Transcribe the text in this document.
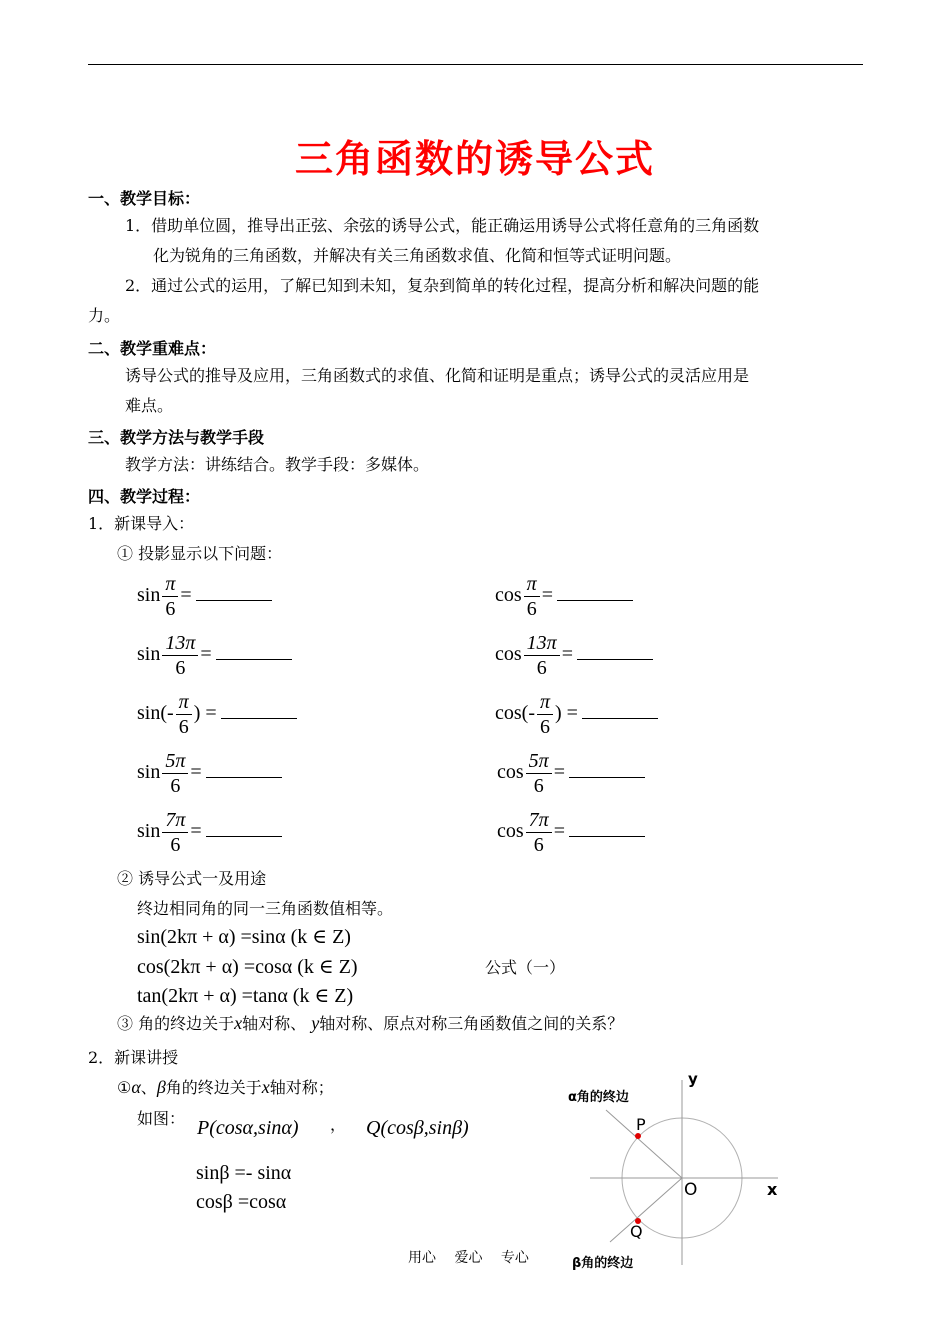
三角函数的诱导公式
一、教学目标：
1．借助单位圆，推导出正弦、余弦的诱导公式，能正确运用诱导公式将任意角的三角函数
化为锐角的三角函数，并解决有关三角函数求值、化简和恒等式证明问题。
2．通过公式的运用，了解已知到未知，复杂到简单的转化过程，提高分析和解决问题的能
力。
二、教学重难点：
诱导公式的推导及应用，三角函数式的求值、化简和证明是重点；诱导公式的灵活应用是
难点。
三、教学方法与教学手段
教学方法：讲练结合。教学手段：多媒体。
四、教学过程：
1．新课导入：
① 投影显示以下问题：
$\sin \frac{\pi}{6}$ =	$\cos \frac{\pi}{6}$ =
$\sin \frac{13\pi}{6}$ =	$\cos \frac{13\pi}{6}$ =
$\sin(- \frac{\pi}{6}$ ) =	$\cos(- \frac{\pi}{6}$ ) =
$\sin \frac{5\pi}{6}$ =	$\cos \frac{5\pi}{6}$ =
$\sin \frac{7\pi}{6}$ =	$\cos \frac{7\pi}{6}$ =
② 诱导公式一及用途
终边相同角的同一三角函数值相等。
sin(2kπ + α) =sinα (k ∈ Z)
cos(2kπ + α) =cosα (k ∈ Z)	公式（一）
tan(2kπ + α) =tanα (k ∈ Z)
③ 角的终边关于x轴对称、 y轴对称、原点对称三角函数值之间的关系？
2．新课讲授
①α、β角的终边关于x轴对称；
如图： P(cosα,sinα) ， Q(cosβ,sinβ)
sinβ =- sinα
cosβ =cosα
α角的终边
β角的终边
y
x
O
P
Q
用心　 爱心　 专心
